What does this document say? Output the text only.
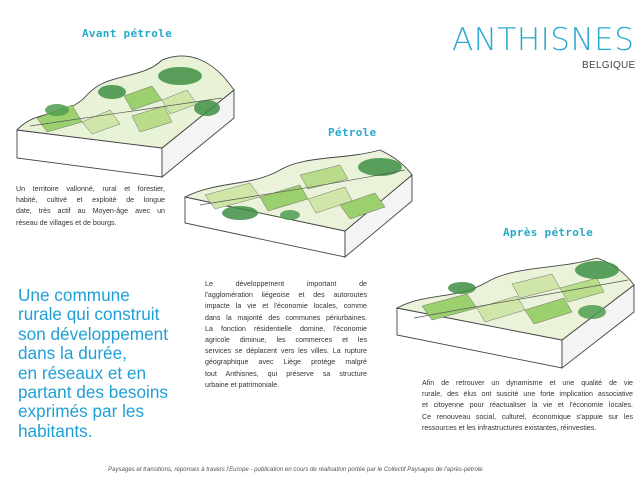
ANTHISNES
BELGIQUE
Avant pétrole
Pétrole
Après pétrole
Un territoire vallonné, rural et forestier,
habité, cultivé et exploité de longue
date, très actif au Moyen-âge avec un
réseau de villages et de bourgs.
Le développement important de
l'agglomération liégeoise et des autoroutes
impacte la vie et l'économie locales, comme
dans la majorité des communes périurbaines.
La fonction résidentielle domine, l'économie
agricole diminue, les commerces et les
services se déplacent vers les villes. La rupture
géographique avec Liège protège malgré
tout Anthisnes, qui préserve sa structure
urbaine et patrimoniale.	Afin de retrouver un dynamisme et une qualité de vie
rurale, des élus ont suscité une forte implication associative
et citoyenne pour réactualiser la vie et l'économie locales.
Ce renouveau social, culturel, économique s'appuie sur les
ressources et les infrastructures existantes, réinvesties.
Une commune
rurale qui construit
son développement
dans la durée,
en réseaux et en
partant des besoins
exprimés par les
habitants.
Paysages et transitions, réponses à travers l'Europe - publication en cours de réalisation portée par le Collectif Paysages de l'après-pétrole
